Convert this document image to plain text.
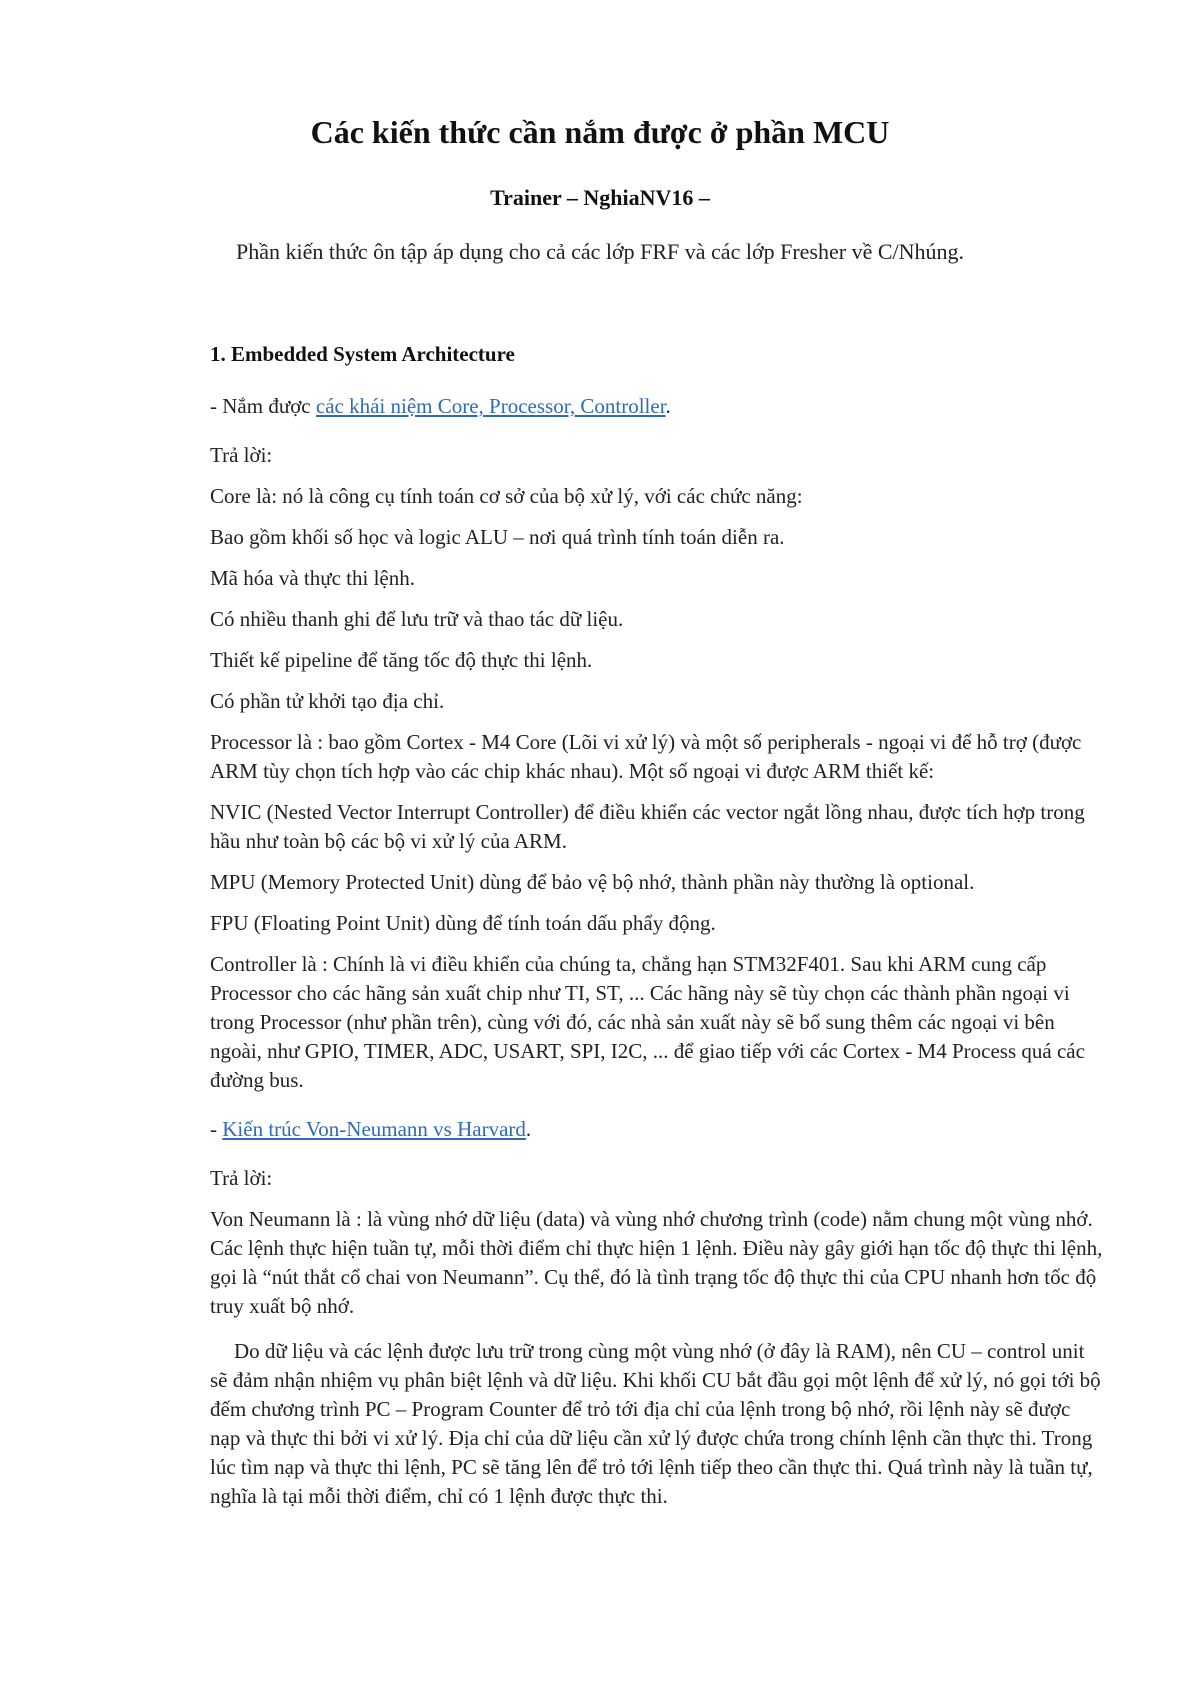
Các kiến thức cần nắm được ở phần MCU
Trainer – NghiaNV16 –

Phần kiến thức ôn tập áp dụng cho cả các lớp FRF và các lớp Fresher về C/Nhúng.

1. Embedded System Architecture

- Nắm được các khái niệm Core, Processor, Controller.

Trả lời:

Core là: nó là công cụ tính toán cơ sở của bộ xử lý, với các chức năng:

Bao gồm khối số học và logic ALU – nơi quá trình tính toán diễn ra.

Mã hóa và thực thi lệnh.

Có nhiều thanh ghi để lưu trữ và thao tác dữ liệu.

Thiết kế pipeline để tăng tốc độ thực thi lệnh.

Có phần tử khởi tạo địa chỉ.

Processor là : bao gồm Cortex - M4 Core (Lõi vi xử lý) và một số peripherals - ngoại vi để hỗ trợ (được ARM tùy chọn tích hợp vào các chip khác nhau). Một số ngoại vi được ARM thiết kế:

NVIC (Nested Vector Interrupt Controller) để điều khiển các vector ngắt lồng nhau, được tích hợp trong hầu như toàn bộ các bộ vi xử lý của ARM.

MPU (Memory Protected Unit) dùng để bảo vệ bộ nhớ, thành phần này thường là optional.

FPU (Floating Point Unit) dùng để tính toán dấu phẩy động.

Controller là : Chính là vi điều khiển của chúng ta, chẳng hạn STM32F401. Sau khi ARM cung cấp Processor cho các hãng sản xuất chip như TI, ST, ... Các hãng này sẽ tùy chọn các thành phần ngoại vi trong Processor (như phần trên), cùng với đó, các nhà sản xuất này sẽ bổ sung thêm các ngoại vi bên ngoài, như GPIO, TIMER, ADC, USART, SPI, I2C, ... để giao tiếp với các Cortex - M4 Process quá các đường bus.

- Kiến trúc Von-Neumann vs Harvard.

Trả lời:

Von Neumann là : là vùng nhớ dữ liệu (data) và vùng nhớ chương trình (code) nằm chung một vùng nhớ. Các lệnh thực hiện tuần tự, mỗi thời điểm chỉ thực hiện 1 lệnh. Điều này gây giới hạn tốc độ thực thi lệnh, gọi là “nút thắt cổ chai von Neumann”. Cụ thể, đó là tình trạng tốc độ thực thi của CPU nhanh hơn tốc độ truy xuất bộ nhớ.

Do dữ liệu và các lệnh được lưu trữ trong cùng một vùng nhớ (ở đây là RAM), nên CU – control unit sẽ đảm nhận nhiệm vụ phân biệt lệnh và dữ liệu. Khi khối CU bắt đầu gọi một lệnh để xử lý, nó gọi tới bộ đếm chương trình PC – Program Counter để trỏ tới địa chỉ của lệnh trong bộ nhớ, rồi lệnh này sẽ được nạp và thực thi bởi vi xử lý. Địa chỉ của dữ liệu cần xử lý được chứa trong chính lệnh cần thực thi. Trong lúc tìm nạp và thực thi lệnh, PC sẽ tăng lên để trỏ tới lệnh tiếp theo cần thực thi. Quá trình này là tuần tự, nghĩa là tại mỗi thời điểm, chỉ có 1 lệnh được thực thi.
